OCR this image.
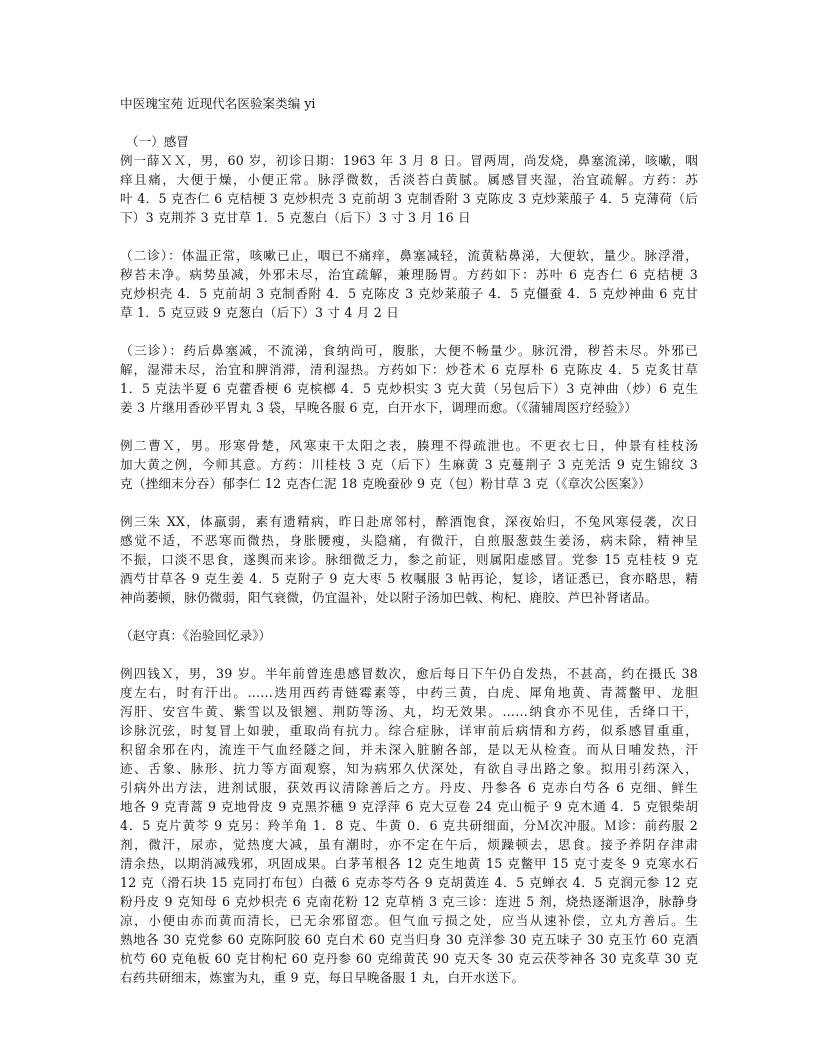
中医瑰宝苑 近现代名医验案类编 yi

（一）感冒

例一薛ＸＸ，男，60 岁，初诊日期：1963 年 3 月 8 日。冒两周，尚发烧，鼻塞流涕，咳嗽，咽

痒且痛，大便于燥，小便正常。脉浮微数，舌淡苔白黄腻。属感冒夹湿，治宜疏解。方药：苏

叶 4．5 克杏仁 6 克桔梗 3 克炒枳壳 3 克前胡 3 克制香附 3 克陈皮 3 克炒莱菔子 4．5 克薄荷（后

下）3 克荆芥 3 克甘草 1．5 克葱白（后下）3 寸 3 月 16 日

（二诊）：体温正常，咳嗽已止，咽已不痛痒，鼻塞减轻，流黄粘鼻涕，大便软，量少。脉浮滑，

秽苔未净。病势虽减，外邪未尽，治宜疏解，兼理肠胃。方药如下：苏叶 6 克杏仁 6 克桔梗 3

克炒枳壳 4．5 克前胡 3 克制香附 4．5 克陈皮 3 克炒莱菔子 4．5 克僵蚕 4．5 克炒神曲 6 克甘

草 1．5 克豆豉 9 克葱白（后下）3 寸 4 月 2 日

（三诊）：药后鼻塞减，不流涕，食纳尚可，腹胀，大便不畅量少。脉沉滑，秽苔未尽。外邪已

解，湿滞未尽，治宜和脾消滞，清利湿热。方药如下：炒苍术 6 克厚朴 6 克陈皮 4．5 克炙甘草

1．5 克法半夏 6 克藿香梗 6 克槟榔 4．5 克炒枳实 3 克大黄（另包后下）3 克神曲（炒）6 克生

姜 3 片继用香砂平胃丸 3 袋，早晚各服 6 克，白开水下，调理而愈。（《蒲辅周医疗经验》）

例二曹Ｘ，男。形寒骨楚，风寒束干太阳之表，腠理不得疏泄也。不更衣七日，仲景有桂枝汤

加大黄之例，今师其意。方药：川桂枝 3 克（后下）生麻黄 3 克蔓荆子 3 克羌活 9 克生锦纹 3

克（挫细末分吞）郁李仁 12 克杏仁泥 18 克晚蚕砂 9 克（包）粉甘草 3 克（《章次公医案》）

例三朱 XX，体羸弱，素有遗精病，昨日赴席邻村，醉酒饱食，深夜始归，不兔风寒侵袭，次日

感觉不适，不恶寒而微热，身胀腰瘦，头隐痛，有微汗，自煎服葱鼓生姜汤，病未除，精神呈

不振，口淡不思食，遂舆而来诊。脉细微乏力，参之前证，则属阳虚感冒。党参 15 克桂枝 9 克

酒芍甘草各 9 克生姜 4．5 克附子 9 克大枣 5 枚嘱服 3 帖再论，复诊，诸证悉已，食亦略思，精

神尚萎顿，脉仍微弱，阳气衰微，仍宜温补，处以附子汤加巴戟、枸杞、鹿胶、芦巴补肾诸品。

（赵守真：《治验回忆录》）

例四钱Ｘ，男，39 岁。半年前曾连患感冒数次，愈后每日下午仍自发热，不甚高，约在摄氏 38

度左右，时有汗出。……迭用西药青链霉素等，中药三黄，白虎、犀角地黄、青蒿鳖甲、龙胆

泻肝、安宫牛黄、紫雪以及银翘、荆防等汤、丸，均无效果。……纳食亦不见佳，舌绛口干，

诊脉沉弦，时复冒上如驶，重取尚有抗力。综合症脉，详审前后病情和方药，似系感冒重重，

积留余邪在内，流连干气血经隧之间，并未深入脏腑各部，是以无从检查。而从日哺发热，汗

迹、舌象、脉形、抗力等方面观察，知为病邪久伏深处，有欲自寻出路之象。拟用引药深入，

引病外出方法，进剂试服，获效再议清除善后之方。丹皮、丹参各 6 克赤白芍各 6 克细、鲜生

地各 9 克青蒿 9 克地骨皮 9 克黑芥穗 9 克浮萍 6 克大豆卷 24 克山栀子 9 克木通 4．5 克银柴胡

4．5 克片黄芩 9 克另：羚羊角 1．8 克、牛黄 0．6 克共研细面，分Ｍ次冲服。Ｍ诊：前药服 2

剂，微汗，尿赤，觉热度大减，虽有潮时，亦不定在午后，烦躁顿去，思食。接予养阴存津肃

清余热，以期消减残邪，巩固成果。白茅苇根各 12 克生地黄 15 克鳖甲 15 克寸麦冬 9 克寒水石

12 克（滑石块 15 克同打布包）白薇 6 克赤苓芍各 9 克胡黄连 4．5 克蝉衣 4．5 克润元参 12 克

粉丹皮 9 克知母 6 克炒枳壳 6 克南花粉 12 克草梢 3 克三诊：连进 5 剂，烧热逐渐退净，脉静身

凉，小便由赤而黄而清长，已无余邪留恋。但气血亏损之处，应当从速补偿，立丸方善后。生

熟地各 30 克党参 60 克陈阿胶 60 克白术 60 克当归身 30 克洋参 30 克五味子 30 克玉竹 60 克酒

杭芍 60 克龟板 60 克甘枸杞 60 克丹参 60 克绵黄芪 90 克天冬 30 克云茯苓神各 30 克炙草 30 克

右药共研细末，炼蜜为丸，重 9 克，每日早晚备服 1 丸，白开水送下。
